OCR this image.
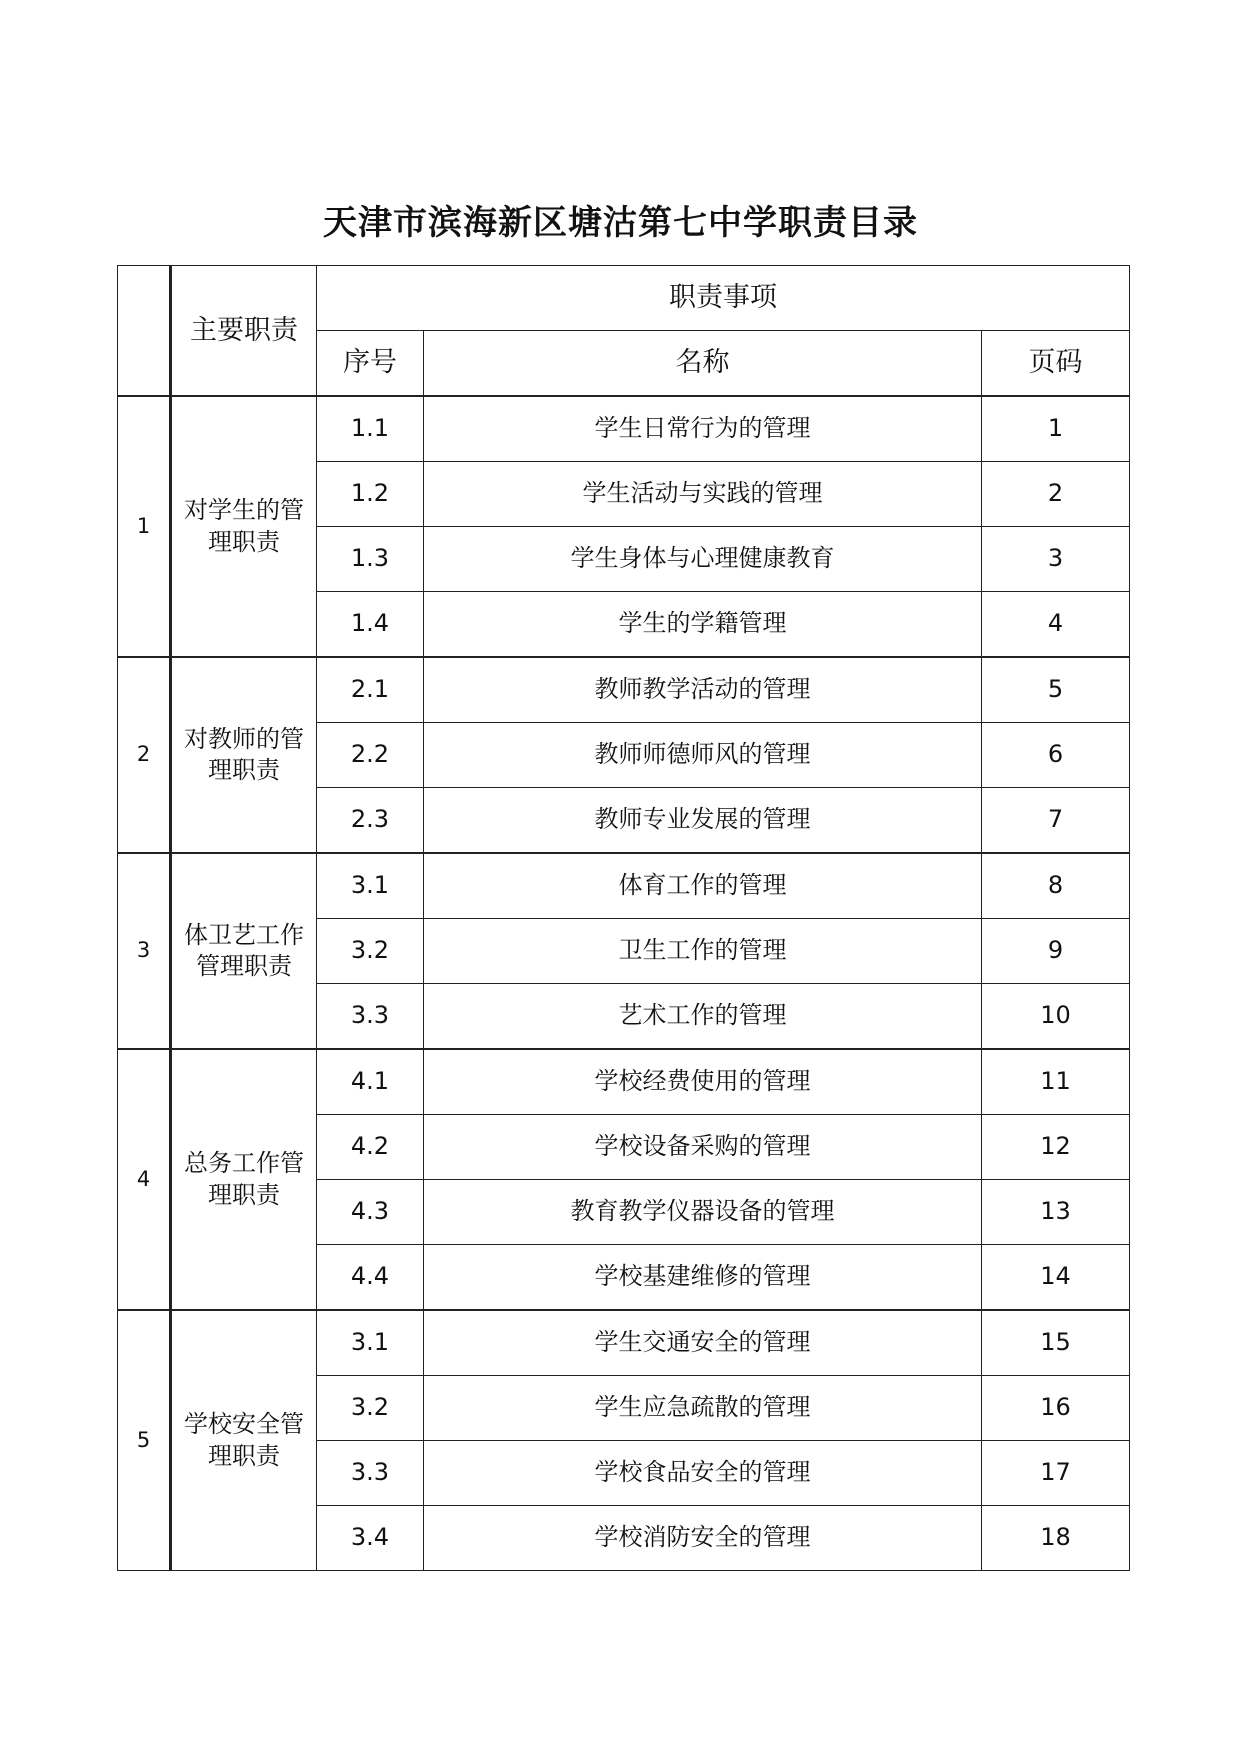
天津市滨海新区塘沽第七中学职责目录
	主要职责	职责事项		
		序号	名称	页码
1	对学生的管理职责	1.1	学生日常行为的管理	1
		1.2	学生活动与实践的管理	2
		1.3	学生身体与心理健康教育	3
		1.4	学生的学籍管理	4
2	对教师的管理职责	2.1	教师教学活动的管理	5
		2.2	教师师德师风的管理	6
		2.3	教师专业发展的管理	7
3	体卫艺工作管理职责	3.1	体育工作的管理	8
		3.2	卫生工作的管理	9
		3.3	艺术工作的管理	10
4	总务工作管理职责	4.1	学校经费使用的管理	11
		4.2	学校设备采购的管理	12
		4.3	教育教学仪器设备的管理	13
		4.4	学校基建维修的管理	14
5	学校安全管理职责	3.1	学生交通安全的管理	15
		3.2	学生应急疏散的管理	16
		3.3	学校食品安全的管理	17
		3.4	学校消防安全的管理	18
